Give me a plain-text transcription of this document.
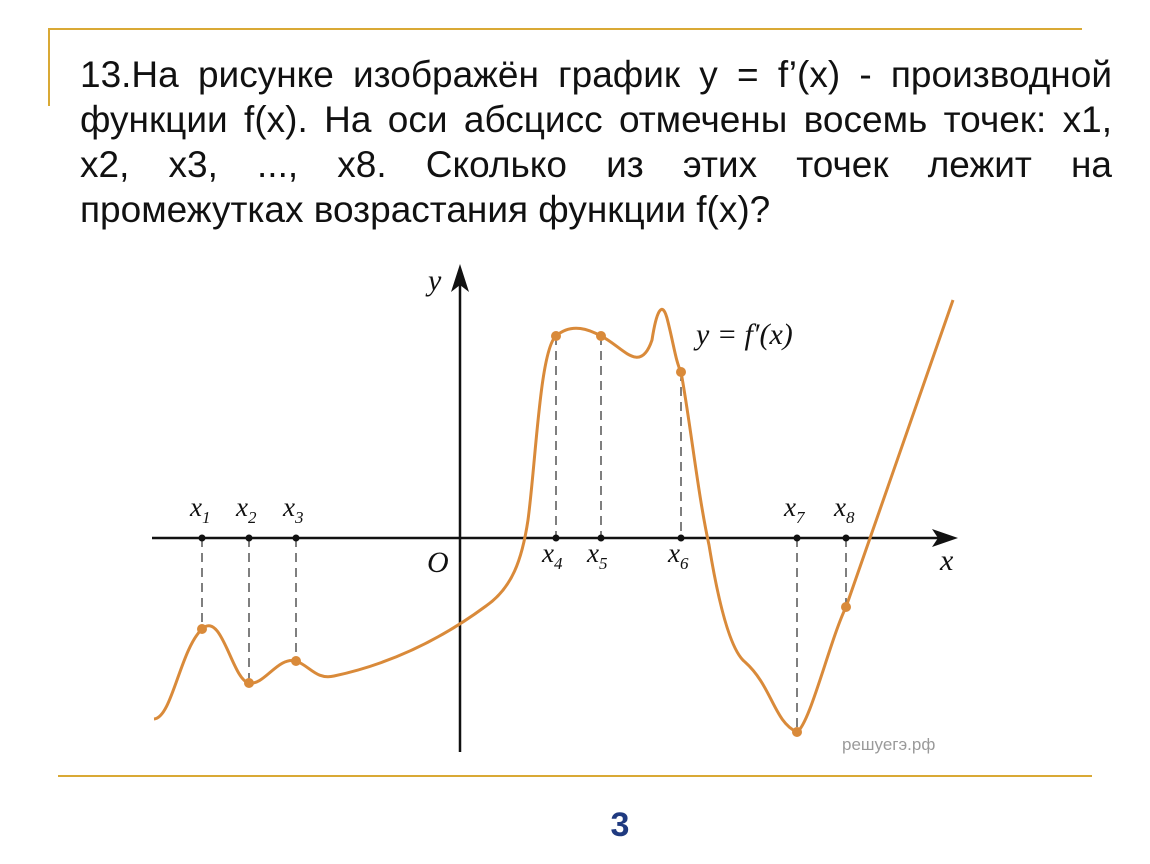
13.На рисунке изображён график y = f’(x) - производной
функции f(x). На оси абсцисс отмечены восемь точек: x1,
x2, x3, ..., x8. Сколько из этих точек лежит на
промежутках возрастания функции f(x)?

y
x
O
y = f′(x)
$x_1$ $x_2$ $x_3$
$x_4$ $x_5$ $x_6$
$x_7$ $x_8$
решуегэ.рф
3
